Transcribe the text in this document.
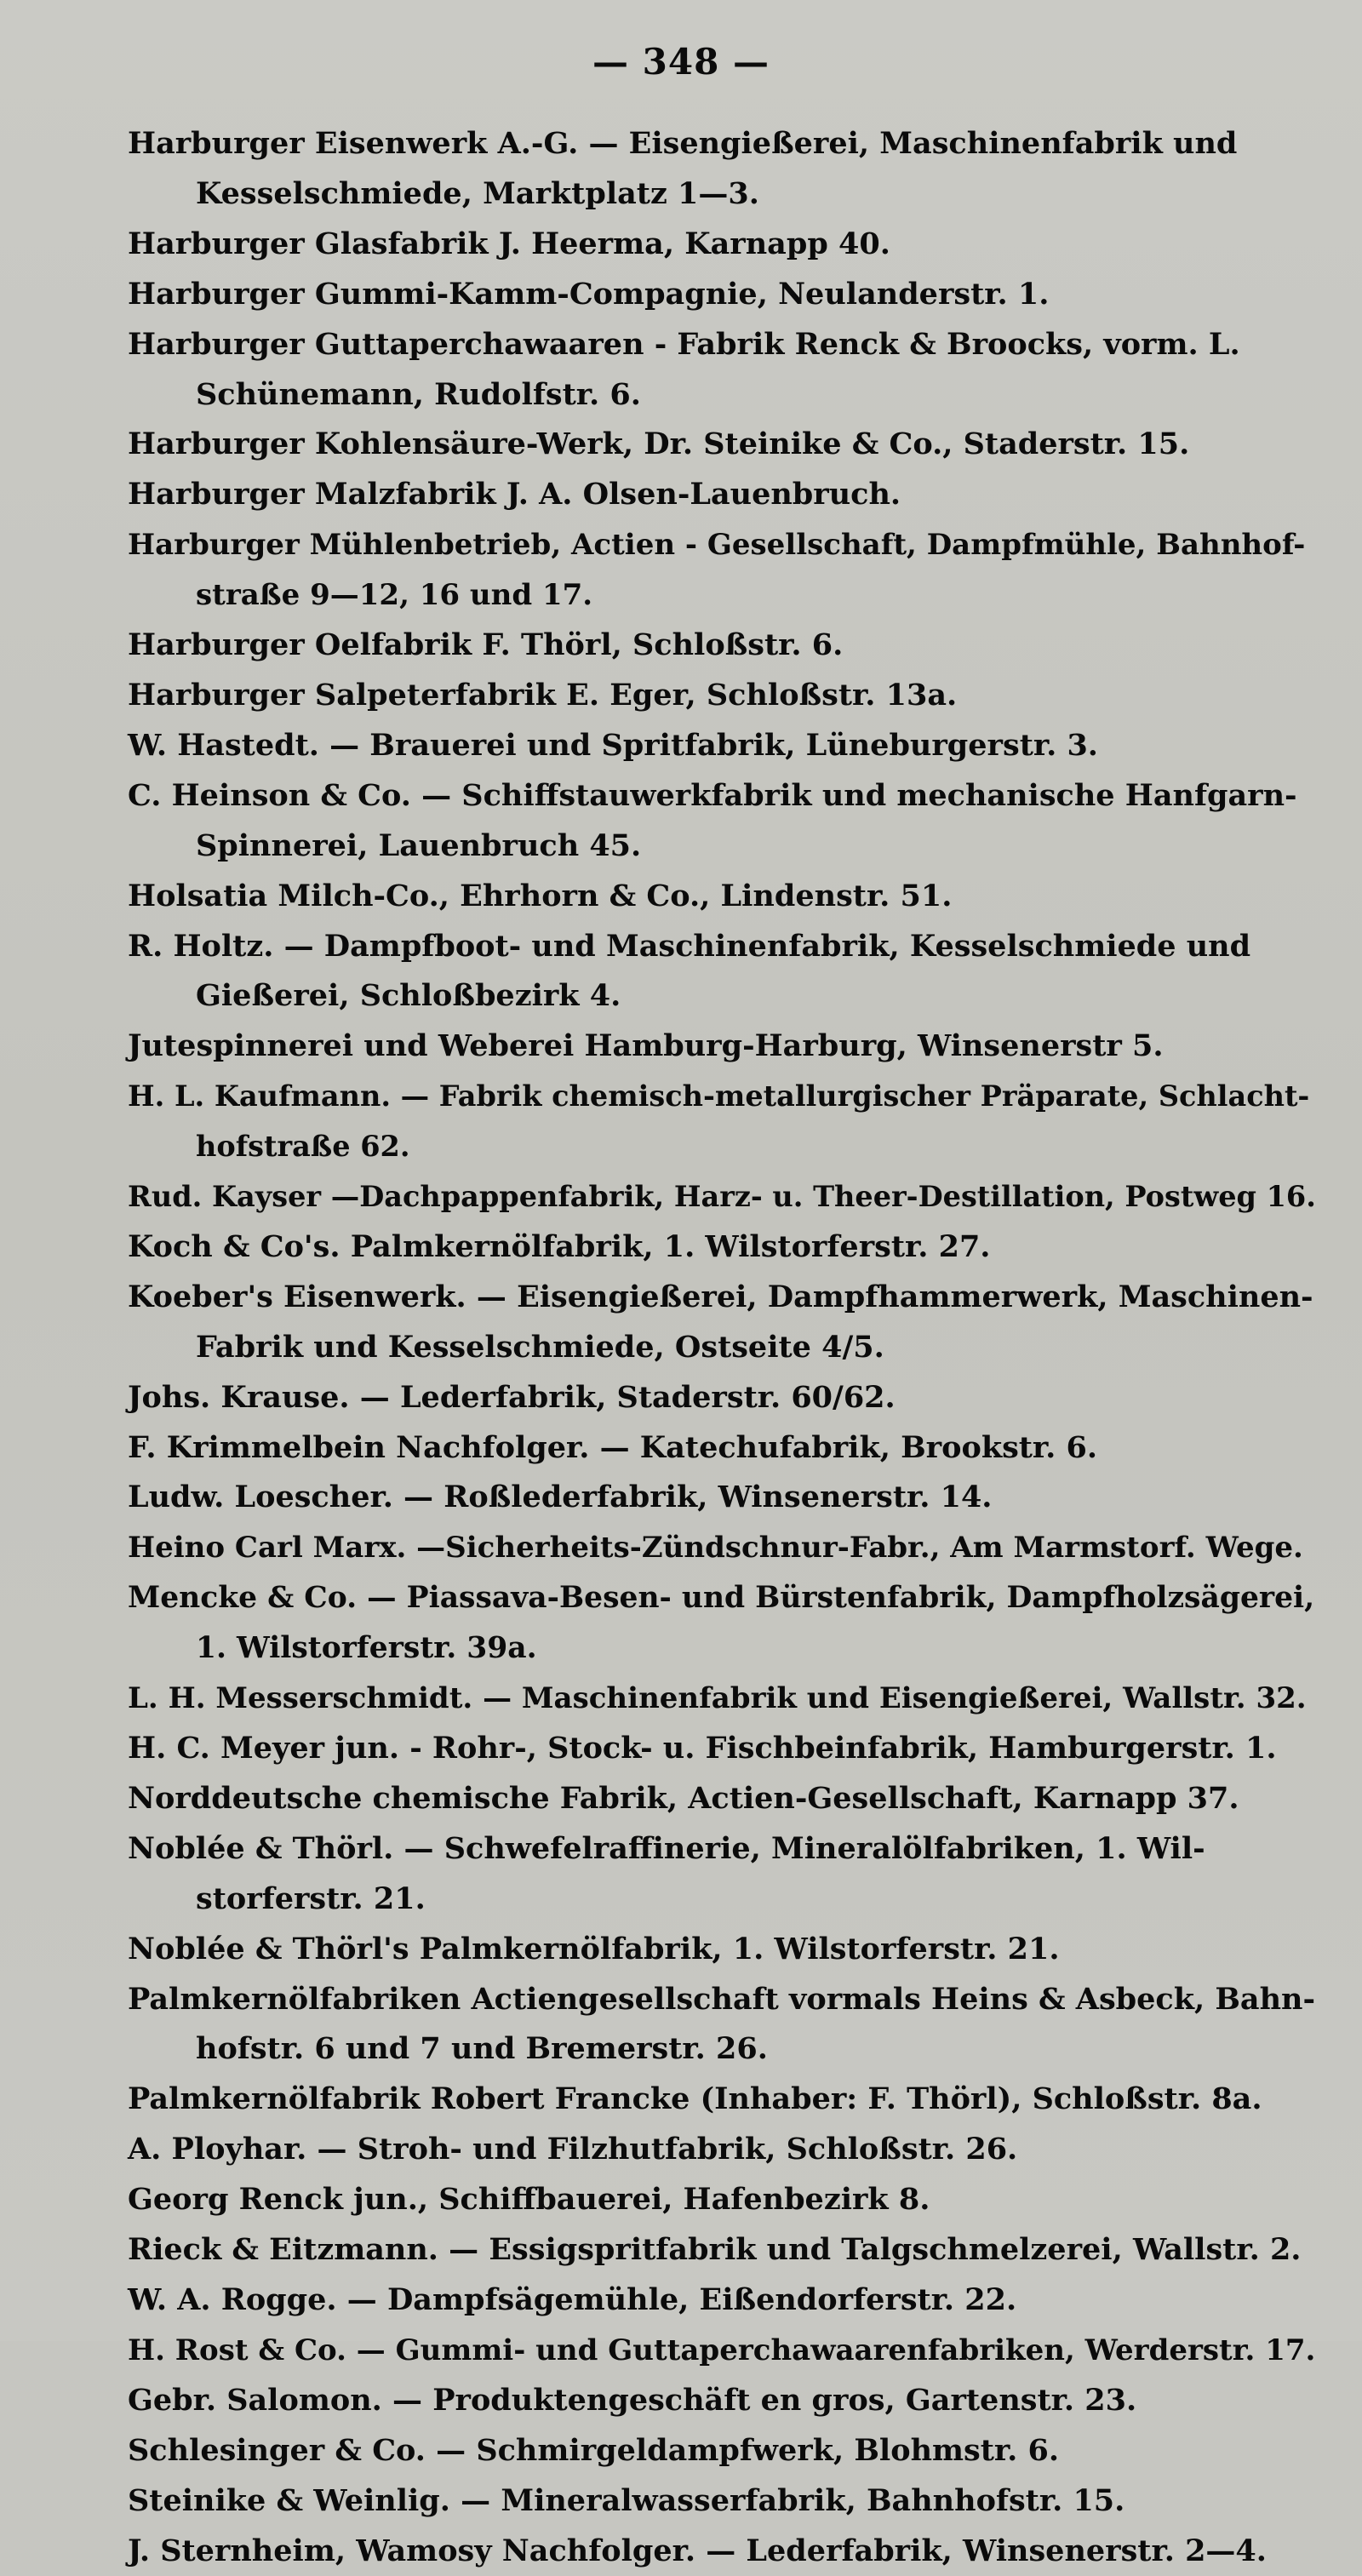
— 348 —
Harburger Eisenwerk A.-G. — Eisengießerei, Maschinenfabrik und
Kesselschmiede, Marktplatz 1—3.
Harburger Glasfabrik J. Heerma, Karnapp 40.
Harburger Gummi-Kamm-Compagnie, Neulanderstr. 1.
Harburger Guttaperchawaaren - Fabrik Renck & Broocks, vorm. L.
Schünemann, Rudolfstr. 6.
Harburger Kohlensäure-Werk, Dr. Steinike & Co., Staderstr. 15.
Harburger Malzfabrik J. A. Olsen-Lauenbruch.
Harburger Mühlenbetrieb, Actien - Gesellschaft, Dampfmühle, Bahnhof-
straße 9—12, 16 und 17.
Harburger Oelfabrik F. Thörl, Schloßstr. 6.
Harburger Salpeterfabrik E. Eger, Schloßstr. 13a.
W. Hastedt. — Brauerei und Spritfabrik, Lüneburgerstr. 3.
C. Heinson & Co. — Schiffstauwerkfabrik und mechanische Hanfgarn-
Spinnerei, Lauenbruch 45.
Holsatia Milch-Co., Ehrhorn & Co., Lindenstr. 51.
R. Holtz. — Dampfboot- und Maschinenfabrik, Kesselschmiede und
Gießerei, Schloßbezirk 4.
Jutespinnerei und Weberei Hamburg-Harburg, Winsenerstr 5.
H. L. Kaufmann. — Fabrik chemisch-metallurgischer Präparate, Schlacht-
hofstraße 62.
Rud. Kayser —Dachpappenfabrik, Harz- u. Theer-Destillation, Postweg 16.
Koch & Co's. Palmkernölfabrik, 1. Wilstorferstr. 27.
Koeber's Eisenwerk. — Eisengießerei, Dampfhammerwerk, Maschinen-
Fabrik und Kesselschmiede, Ostseite 4/5.
Johs. Krause. — Lederfabrik, Staderstr. 60/62.
F. Krimmelbein Nachfolger. — Katechufabrik, Brookstr. 6.
Ludw. Loescher. — Roßlederfabrik, Winsenerstr. 14.
Heino Carl Marx. —Sicherheits-Zündschnur-Fabr., Am Marmstorf. Wege.
Mencke & Co. — Piassava-Besen- und Bürstenfabrik, Dampfholzsägerei,
1. Wilstorferstr. 39a.
L. H. Messerschmidt. — Maschinenfabrik und Eisengießerei, Wallstr. 32.
H. C. Meyer jun. - Rohr-, Stock- u. Fischbeinfabrik, Hamburgerstr. 1.
Norddeutsche chemische Fabrik, Actien-Gesellschaft, Karnapp 37.
Noblée & Thörl. — Schwefelraffinerie, Mineralölfabriken, 1. Wil-
storferstr. 21.
Noblée & Thörl's Palmkernölfabrik, 1. Wilstorferstr. 21.
Palmkernölfabriken Actiengesellschaft vormals Heins & Asbeck, Bahn-
hofstr. 6 und 7 und Bremerstr. 26.
Palmkernölfabrik Robert Francke (Inhaber: F. Thörl), Schloßstr. 8a.
A. Ployhar. — Stroh- und Filzhutfabrik, Schloßstr. 26.
Georg Renck jun., Schiffbauerei, Hafenbezirk 8.
Rieck & Eitzmann. — Essigspritfabrik und Talgschmelzerei, Wallstr. 2.
W. A. Rogge. — Dampfsägemühle, Eißendorferstr. 22.
H. Rost & Co. — Gummi- und Guttaperchawaarenfabriken, Werderstr. 17.
Gebr. Salomon. — Produktengeschäft en gros, Gartenstr. 23.
Schlesinger & Co. — Schmirgeldampfwerk, Blohmstr. 6.
Steinike & Weinlig. — Mineralwasserfabrik, Bahnhofstr. 15.
J. Sternheim, Wamosy Nachfolger. — Lederfabrik, Winsenerstr. 2—4.
